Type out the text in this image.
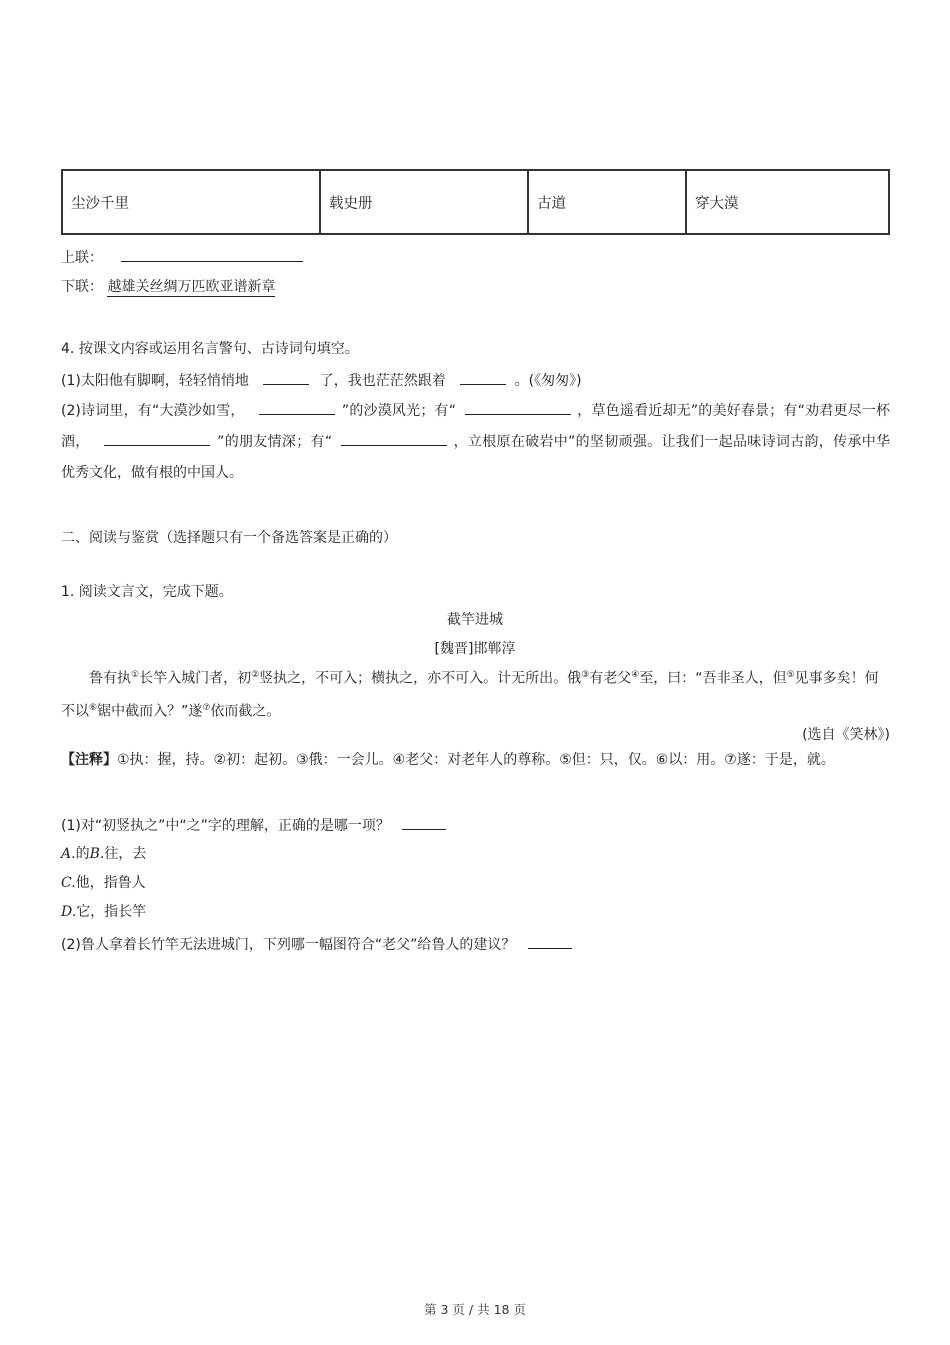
尘沙千里	载史册	古道	穿大漠
上联：
下联： 越雄关丝绸万匹欧亚谱新章
4. 按课文内容或运用名言警句、古诗词句填空。
(1)太阳他有脚啊，轻轻悄悄地	了，我也茫茫然跟着	。(《匆匆》)
(2)诗词里，有“大漠沙如雪，	”的沙漠风光；有“	，草色遥看近却无”的美好春景；有“劝君更尽一杯酒，	”的朋友情深；有“	，立根原在破岩中”的坚韧顽强。让我们一起品味诗词古韵，传承中华优秀文化，做有根的中国人。
二、阅读与鉴赏（选择题只有一个备选答案是正确的）
1. 阅读文言文，完成下题。
截竿进城
[魏晋]邯郸淳
鲁有执①长竿入城门者，初②竖执之，不可入；横执之，亦不可入。计无所出。俄③有老父④至，曰：“吾非圣人，但⑤见事多矣！何不以⑥锯中截而入？”遂⑦依而截之。
(选自《笑林》)
【注释】①执：握，持。②初：起初。③俄：一会儿。④老父：对老年人的尊称。⑤但：只，仅。⑥以：用。⑦遂：于是，就。
(1)对“初竖执之”中“之”字的理解，正确的是哪一项？
A.的B.往，去
C.他，指鲁人
D.它，指长竿
(2)鲁人拿着长竹竿无法进城门，下列哪一幅图符合“老父”给鲁人的建议？
第 3 页 / 共 18 页
